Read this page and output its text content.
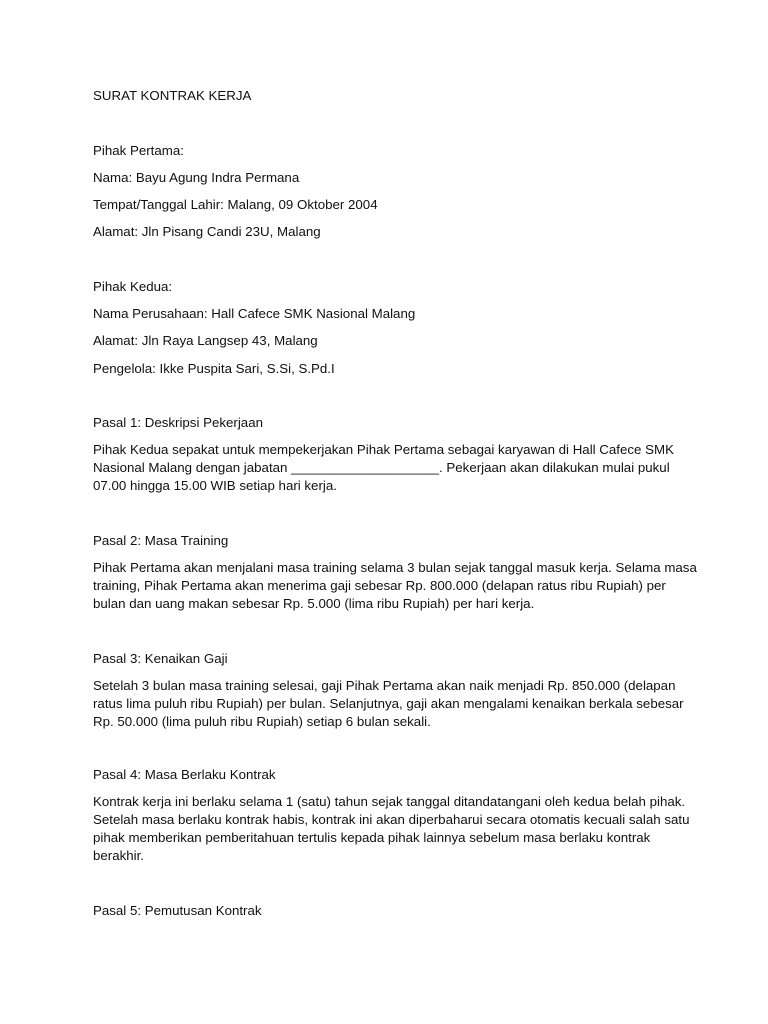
SURAT KONTRAK KERJA
Pihak Pertama:
Nama: Bayu Agung Indra Permana
Tempat/Tanggal Lahir: Malang, 09 Oktober 2004
Alamat: Jln Pisang Candi 23U, Malang
Pihak Kedua:
Nama Perusahaan: Hall Cafece SMK Nasional Malang
Alamat: Jln Raya Langsep 43, Malang
Pengelola: Ikke Puspita Sari, S.Si, S.Pd.I
Pasal 1: Deskripsi Pekerjaan
Pihak Kedua sepakat untuk mempekerjakan Pihak Pertama sebagai karyawan di Hall Cafece SMK
Nasional Malang dengan jabatan ____________________. Pekerjaan akan dilakukan mulai pukul
07.00 hingga 15.00 WIB setiap hari kerja.
Pasal 2: Masa Training
Pihak Pertama akan menjalani masa training selama 3 bulan sejak tanggal masuk kerja. Selama masa
training, Pihak Pertama akan menerima gaji sebesar Rp. 800.000 (delapan ratus ribu Rupiah) per
bulan dan uang makan sebesar Rp. 5.000 (lima ribu Rupiah) per hari kerja.
Pasal 3: Kenaikan Gaji
Setelah 3 bulan masa training selesai, gaji Pihak Pertama akan naik menjadi Rp. 850.000 (delapan
ratus lima puluh ribu Rupiah) per bulan. Selanjutnya, gaji akan mengalami kenaikan berkala sebesar
Rp. 50.000 (lima puluh ribu Rupiah) setiap 6 bulan sekali.
Pasal 4: Masa Berlaku Kontrak
Kontrak kerja ini berlaku selama 1 (satu) tahun sejak tanggal ditandatangani oleh kedua belah pihak.
Setelah masa berlaku kontrak habis, kontrak ini akan diperbaharui secara otomatis kecuali salah satu
pihak memberikan pemberitahuan tertulis kepada pihak lainnya sebelum masa berlaku kontrak
berakhir.
Pasal 5: Pemutusan Kontrak
